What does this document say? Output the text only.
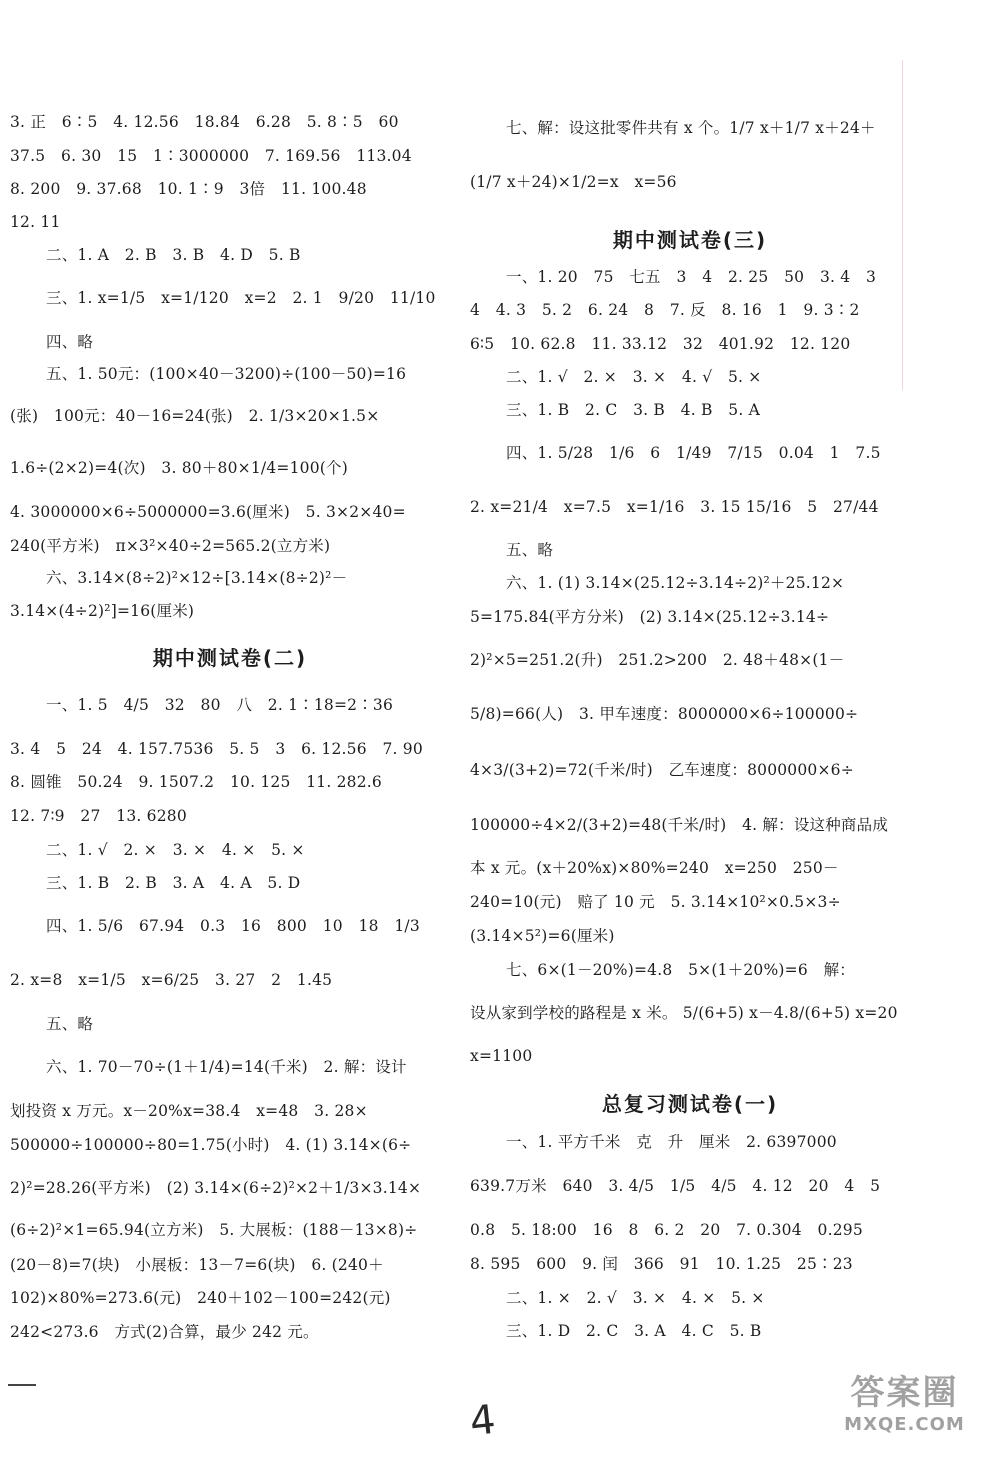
3. 正　6∶5　4. 12.56　18.84　6.28　5. 8∶5　60
37.5　6. 30　15　1∶3000000　7. 169.56　113.04
8. 200　9. 37.68　10. 1∶9　3倍　11. 100.48
12. 11
二、1. A　2. B　3. B　4. D　5. B
三、1. x=1/5　x=1/120　x=2　2. 1　9/20　11/10
四、略
五、1. 50元：(100×40－3200)÷(100－50)=16
(张)　100元：40－16=24(张)　2. 1/3×20×1.5×
1.6÷(2×2)=4(次)　3. 80＋80×1/4=100(个)
4. 3000000×6÷5000000=3.6(厘米)　5. 3×2×40=
240(平方米)　π×3²×40÷2=565.2(立方米)
六、3.14×(8÷2)²×12÷[3.14×(8÷2)²－
3.14×(4÷2)²]=16(厘米)
期中测试卷(二)
一、1. 5　4/5　32　80　八　2. 1∶18=2∶36
3. 4　5　24　4. 157.7536　5. 5　3　6. 12.56　7. 90
8. 圆锥　50.24　9. 1507.2　10. 125　11. 282.6
12. 7∶9　27　13. 6280
二、1. √　2. ×　3. ×　4. ×　5. ×
三、1. B　2. B　3. A　4. A　5. D
四、1. 5/6　67.94　0.3　16　800　10　18　1/3
2. x=8　x=1/5　x=6/25　3. 27　2　1.45
五、略
六、1. 70－70÷(1＋1/4)=14(千米)　2. 解：设计
划投资 x 万元。x－20%x=38.4　x=48　3. 28×
500000÷100000÷80=1.75(小时)　4. (1) 3.14×(6÷
2)²=28.26(平方米)　(2) 3.14×(6÷2)²×2＋1/3×3.14×
(6÷2)²×1=65.94(立方米)　5. 大展板：(188－13×8)÷
(20－8)=7(块)　小展板：13－7=6(块)　6. (240＋
102)×80%=273.6(元)　240＋102－100=242(元)
242<273.6　方式(2)合算，最少 242 元。
七、解：设这批零件共有 x 个。1/7 x＋1/7 x＋24＋
(1/7 x＋24)×1/2=x　x=56
期中测试卷(三)
一、1. 20　75　七五　3　4　2. 25　50　3. 4　3
4　4. 3　5. 2　6. 24　8　7. 反　8. 16　1　9. 3∶2
6∶5　10. 62.8　11. 33.12　32　401.92　12. 120
二、1. √　2. ×　3. ×　4. √　5. ×
三、1. B　2. C　3. B　4. B　5. A
四、1. 5/28　1/6　6　1/49　7/15　0.04　1　7.5
2. x=21/4　x=7.5　x=1/16　3. 15 15/16　5　27/44
五、略
六、1. (1) 3.14×(25.12÷3.14÷2)²＋25.12×
5=175.84(平方分米)　(2) 3.14×(25.12÷3.14÷
2)²×5=251.2(升)　251.2>200　2. 48＋48×(1－
5/8)=66(人)　3. 甲车速度：8000000×6÷100000÷
4×3/(3+2)=72(千米/时)　乙车速度：8000000×6÷
100000÷4×2/(3+2)=48(千米/时)　4. 解：设这种商品成
本 x 元。(x＋20%x)×80%=240　x=250　250－
240=10(元)　赔了 10 元　5. 3.14×10²×0.5×3÷
(3.14×5²)=6(厘米)
七、6×(1－20%)=4.8　5×(1＋20%)=6　解：
设从家到学校的路程是 x 米。 5/(6+5) x－4.8/(6+5) x=20
x=1100
总复习测试卷(一)
一、1. 平方千米　克　升　厘米　2. 6397000
639.7万米　640　3. 4/5　1/5　4/5　4. 12　20　4　5
0.8　5. 18:00　16　8　6. 2　20　7. 0.304　0.295
8. 595　600　9. 闰　366　91　10. 1.25　25∶23
二、1. ×　2. √　3. ×　4. ×　5. ×
三、1. D　2. C　3. A　4. C　5. B
4
答案圈
MXQE.COM
